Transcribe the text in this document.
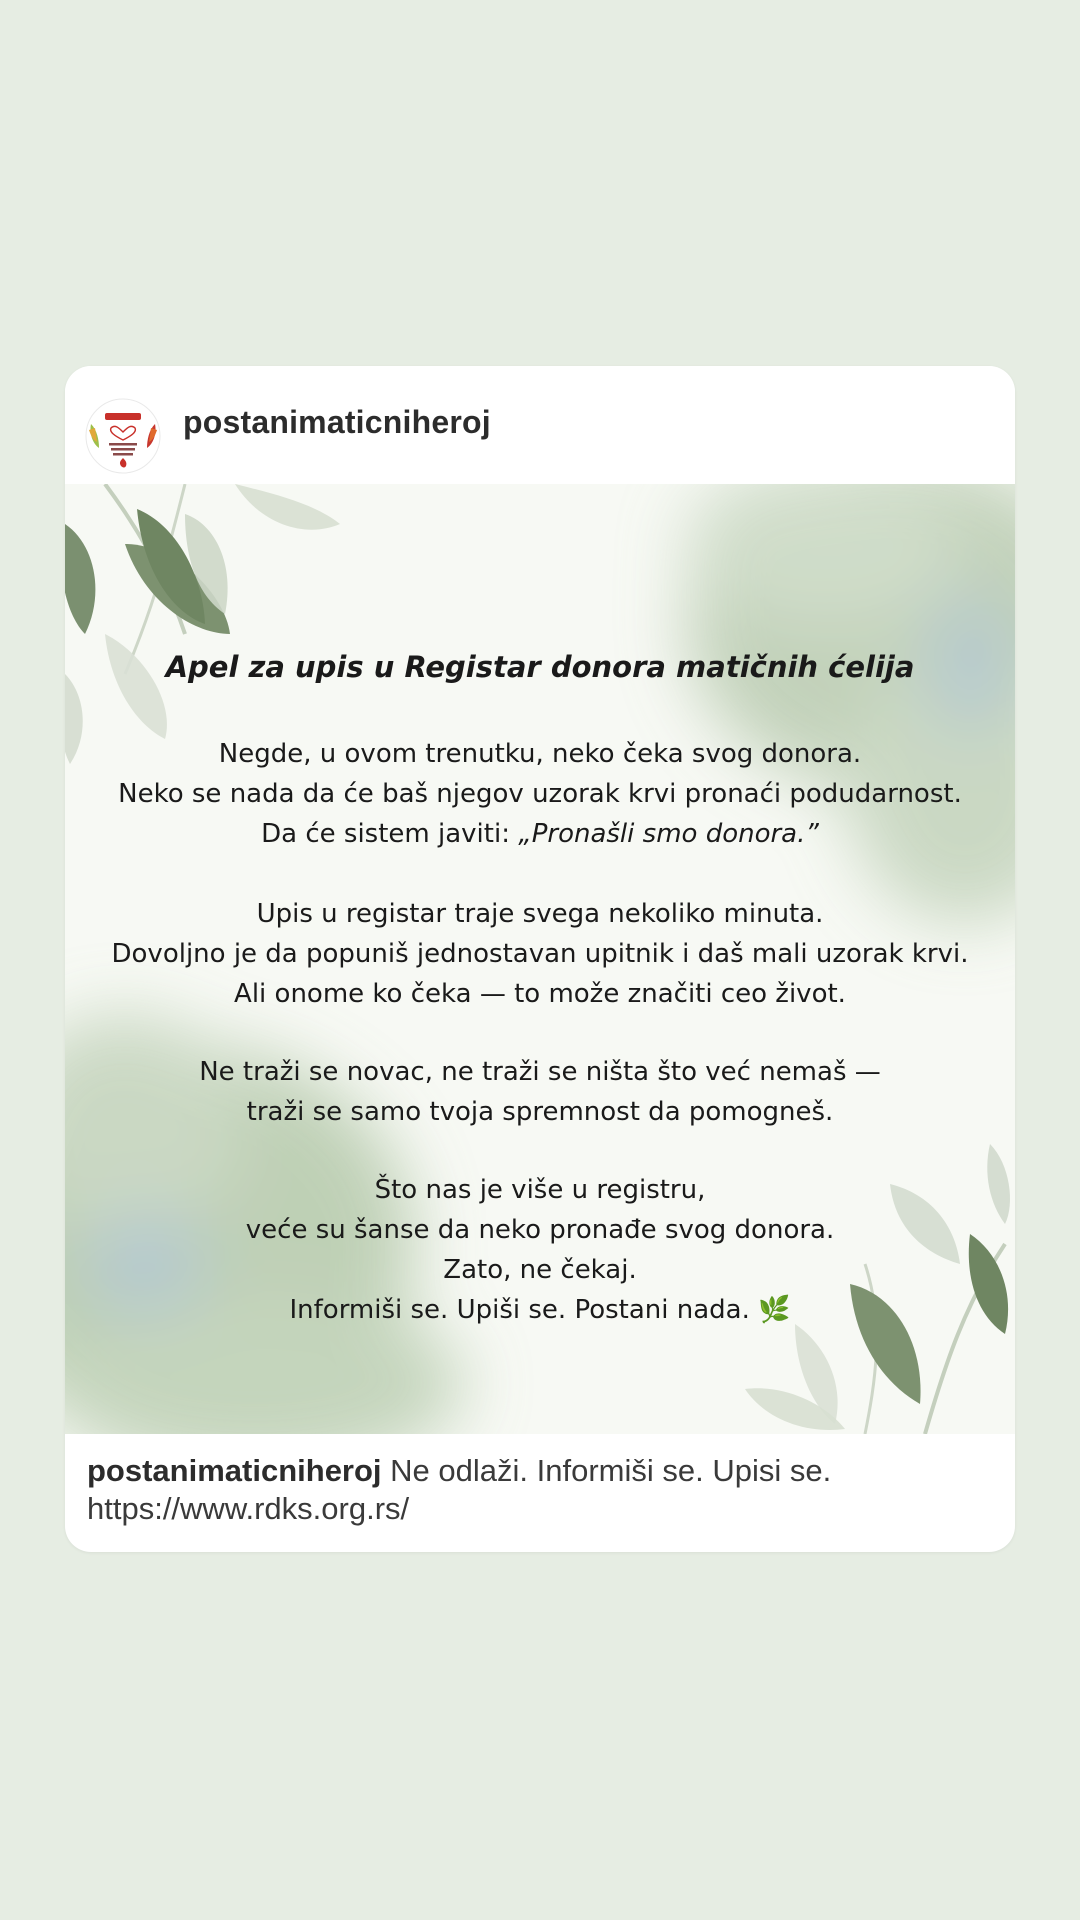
postanimaticniheroj
Apel za upis u Registar donora matičnih ćelija
Negde, u ovom trenutku, neko čeka svog donora.
Neko se nada da će baš njegov uzorak krvi pronaći podudarnost.
Da će sistem javiti: „Pronašli smo donora.”
Upis u registar traje svega nekoliko minuta.
Dovoljno je da popuniš jednostavan upitnik i daš mali uzorak krvi.
Ali onome ko čeka — to može značiti ceo život.
Ne traži se novac, ne traži se ništa što već nemaš —
traži se samo tvoja spremnost da pomogneš.
Što nas je više u registru,
veće su šanse da neko pronađe svog donora.
Zato, ne čekaj.
Informiši se. Upiši se. Postani nada. 🌿
postanimaticniheroj Ne odlaži. Informiši se. Upisi se.
https://www.rdks.org.rs/
